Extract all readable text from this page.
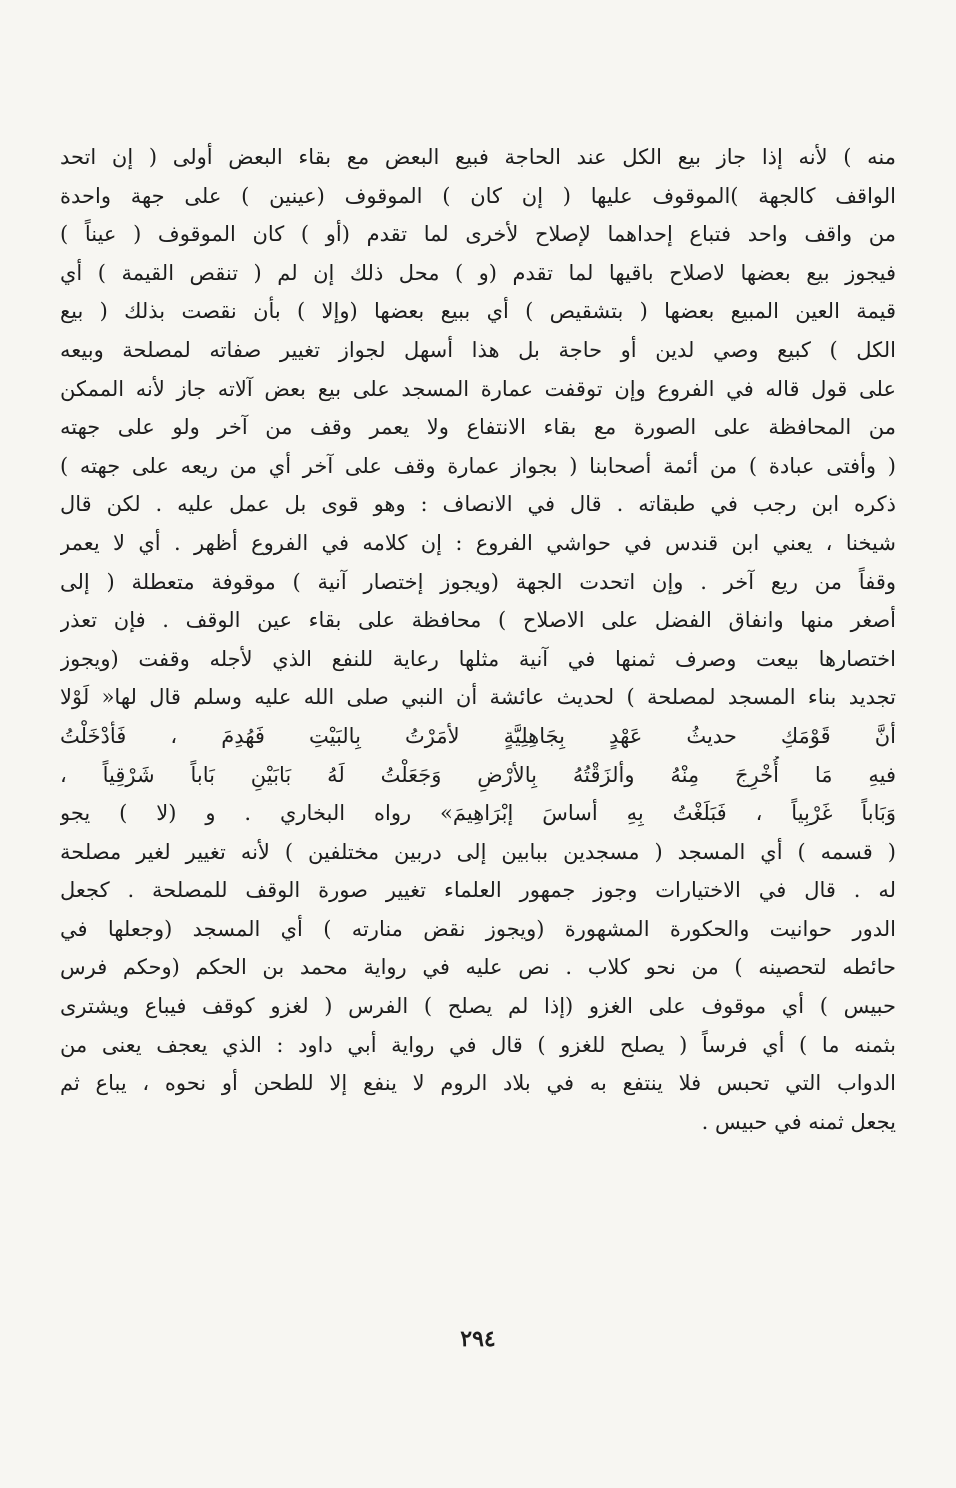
منه ) لأنه إذا جاز بيع الكل عند الحاجة فبيع البعض مع بقاء البعض أولى ( إن اتحد
الواقف كالجهة )الموقوف عليها ( إن كان ) الموقوف (عينين ) على جهة واحدة
من واقف واحد فتباع إحداهما لإصلاح لأخرى لما تقدم (أو ) كان الموقوف ( عيناً )
فيجوز بيع بعضها لاصلاح باقيها لما تقدم (و ) محل ذلك إن لم ( تنقص القيمة ) أي
قيمة العين المبيع بعضها ( بتشقيص ) أي ببيع بعضها (وإلا ) بأن نقصت بذلك ( بيع
الكل ) كبيع وصي لدين أو حاجة بل هذا أسهل لجواز تغيير صفاته لمصلحة وبيعه
على قول قاله في الفروع وإن توقفت عمارة المسجد على بيع بعض آلاته جاز لأنه الممكن
من المحافظة على الصورة مع بقاء الانتفاع ولا يعمر وقف من آخر ولو على جهته
( وأفتى عبادة ) من أئمة أصحابنا ( بجواز عمارة وقف على آخر أي من ريعه على جهته )
ذكره ابن رجب في طبقاته . قال في الانصاف : وهو قوى بل عمل عليه . لكن قال
شيخنا ، يعني ابن قندس في حواشي الفروع : إن كلامه في الفروع أظهر . أي لا يعمر
وقفاً من ريع آخر . وإن اتحدت الجهة (ويجوز إختصار آنية ) موقوفة متعطلة ( إلى
أصغر منها وانفاق الفضل على الاصلاح ) محافظة على بقاء عين الوقف . فإن تعذر
اختصارها بيعت وصرف ثمنها في آنية مثلها رعاية للنفع الذي لأجله وقفت (ويجوز
تجديد بناء المسجد لمصلحة ) لحديث عائشة أن النبي صلى الله عليه وسلم قال لها« لَوْلا
أنَّ قَوْمَكِ حديثُ عَهْدٍ بِجَاهِلِيَّةٍ لأمَرْتُ بِالبَيْتِ فَهُدِمَ ، فَأدْخَلْتُ
فيهِ مَا أُخْرِجَ مِنْهُ وألزَقْتُهُ بِالأرْضِ وَجَعَلْتُ لَهُ بَابَيْنِ بَاباً شَرْقِياً ،
وَبَاباً غَرْبِياً ، فَبَلَغْتُ بِهِ أساسَ إبْرَاهِيمَ» رواه البخاري . و (لا ) يجو
( قسمه ) أي المسجد ( مسجدين ببابين إلى دربين مختلفين ) لأنه تغيير لغير مصلحة
له . قال في الاختيارات وجوز جمهور العلماء تغيير صورة الوقف للمصلحة . كجعل
الدور حوانيت والحكورة المشهورة (ويجوز نقض منارته ) أي المسجد (وجعلها في
حائطه لتحصينه ) من نحو كلاب . نص عليه في رواية محمد بن الحكم (وحكم فرس
حبيس ) أي موقوف على الغزو (إذا لم يصلح ) الفرس ( لغزو كوقف فيباع ويشترى
بثمنه ما ) أي فرساً ( يصلح للغزو ) قال في رواية أبي داود : الذي يعجف يعنى من
الدواب التي تحبس فلا ينتفع به في بلاد الروم لا ينفع إلا للطحن أو نحوه ، يباع ثم
يجعل ثمنه في حبيس .
٢٩٤
